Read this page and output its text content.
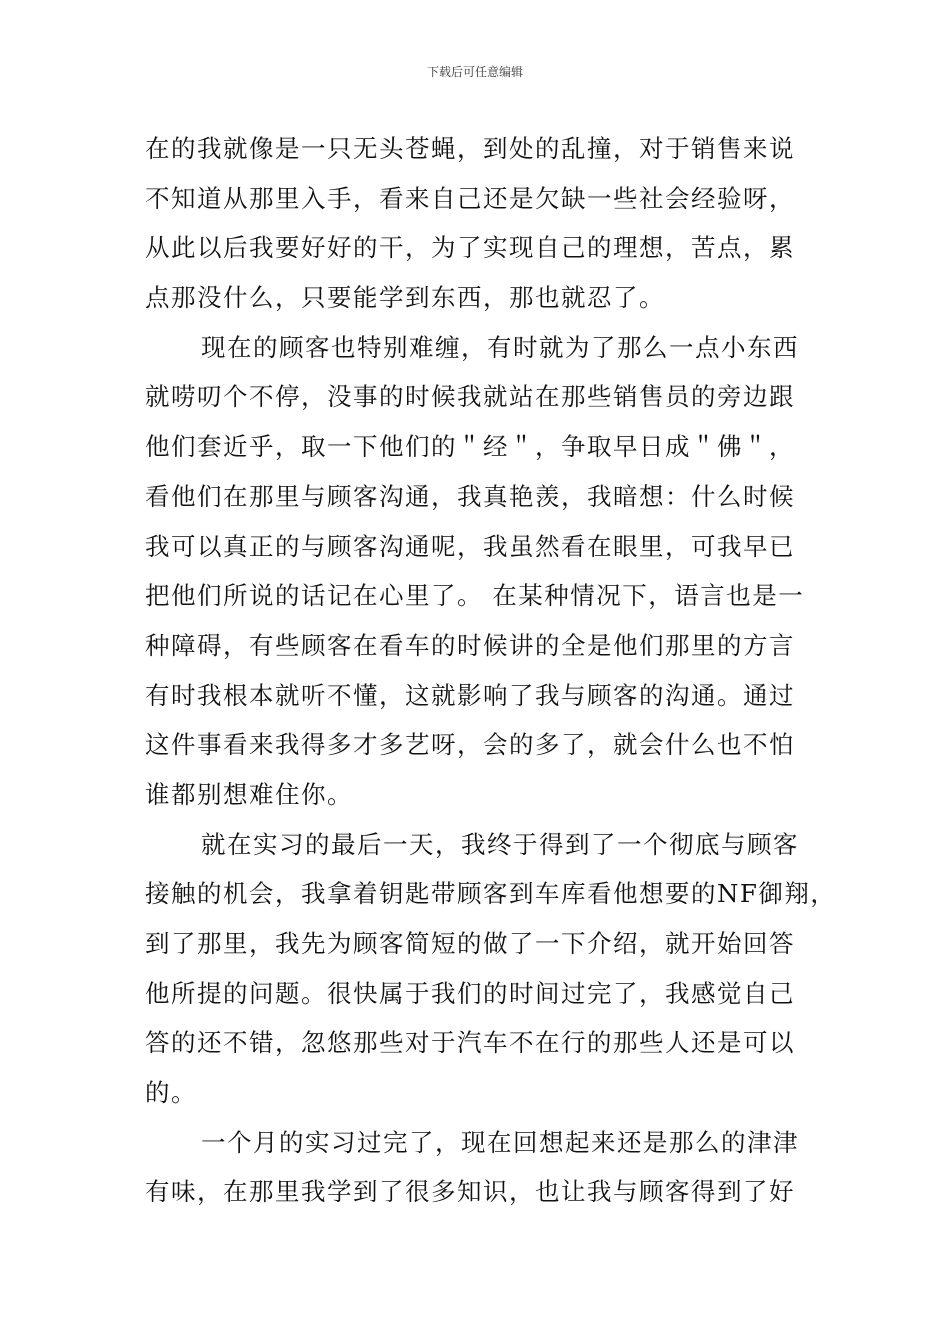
下载后可任意编辑
在的我就像是一只无头苍蝇，到处的乱撞，对于销售来说
不知道从那里入手，看来自己还是欠缺一些社会经验呀，
从此以后我要好好的干，为了实现自己的理想，苦点，累
点那没什么，只要能学到东西，那也就忍了。
现在的顾客也特别难缠，有时就为了那么一点小东西
就唠叨个不停，没事的时候我就站在那些销售员的旁边跟
他们套近乎，取一下他们的＂经＂，争取早日成＂佛＂，
看他们在那里与顾客沟通，我真艳羡，我暗想：什么时候
我可以真正的与顾客沟通呢，我虽然看在眼里，可我早已
把他们所说的话记在心里了。 在某种情况下，语言也是一
种障碍，有些顾客在看车的时候讲的全是他们那里的方言
有时我根本就听不懂，这就影响了我与顾客的沟通。通过
这件事看来我得多才多艺呀，会的多了，就会什么也不怕
谁都别想难住你。
就在实习的最后一天，我终于得到了一个彻底与顾客
接触的机会，我拿着钥匙带顾客到车库看他想要的NF御翔，
到了那里，我先为顾客简短的做了一下介绍，就开始回答
他所提的问题。很快属于我们的时间过完了，我感觉自己
答的还不错，忽悠那些对于汽车不在行的那些人还是可以
的。
一个月的实习过完了，现在回想起来还是那么的津津
有味，在那里我学到了很多知识，也让我与顾客得到了好
